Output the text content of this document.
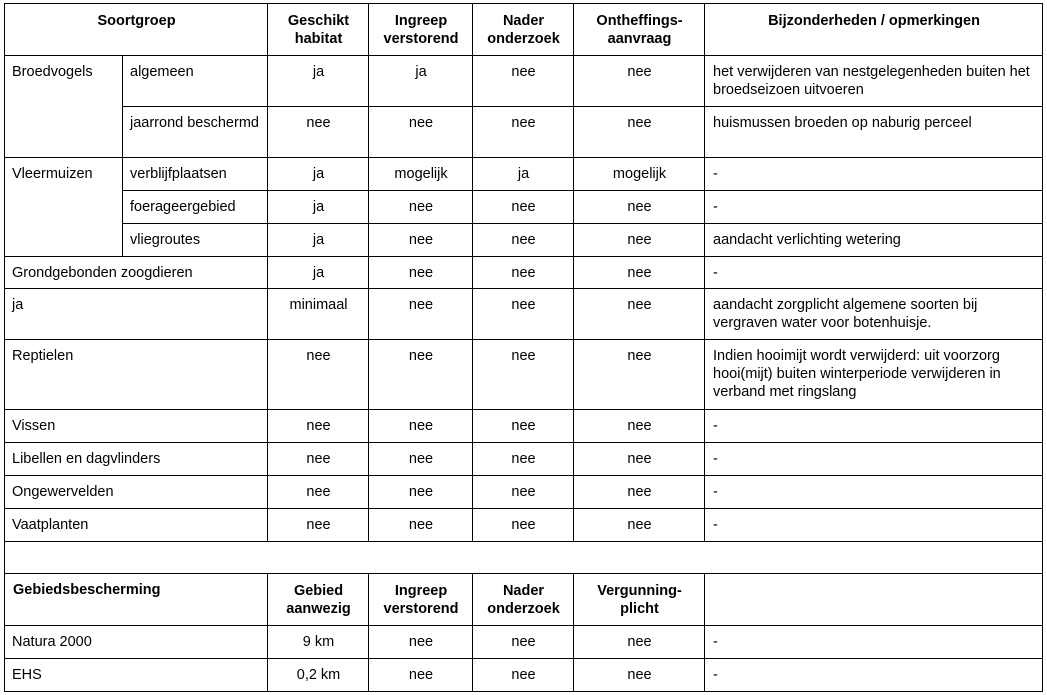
Soortgroep		Geschikt habitat	Ingreep verstorend	Nader onderzoek	Ontheffings-aanvraag	Bijzonderheden / opmerkingen
Broedvogels	algemeen	ja	ja	nee	nee	het verwijderen van nestgelegenheden buiten het broedseizoen uitvoeren
	jaarrond beschermd	nee	nee	nee	nee	huismussen broeden op naburig perceel
Vleermuizen	verblijfplaatsen	ja	mogelijk	ja	mogelijk	-
	foerageergebied	ja	nee	nee	nee	-
	vliegroutes	ja	nee	nee	nee	aandacht verlichting wetering
Grondgebonden zoogdieren		ja	nee	nee	nee	-
ja		minimaal	nee	nee	nee	aandacht zorgplicht algemene soorten bij vergraven water voor botenhuisje.
Reptielen		nee	nee	nee	nee	Indien hooimijt wordt verwijderd: uit voorzorg hooi(mijt) buiten winterperiode verwijderen in verband met ringslang
Vissen		nee	nee	nee	nee	-
Libellen en dagvlinders		nee	nee	nee	nee	-
Ongewervelden		nee	nee	nee	nee	-
Vaatplanten		nee	nee	nee	nee	-

Gebiedsbescherming		Gebied aanwezig	Ingreep verstorend	Nader onderzoek	Vergunning-plicht	
Natura 2000		9 km	nee	nee	nee	-
EHS		0,2 km	nee	nee	nee	-
